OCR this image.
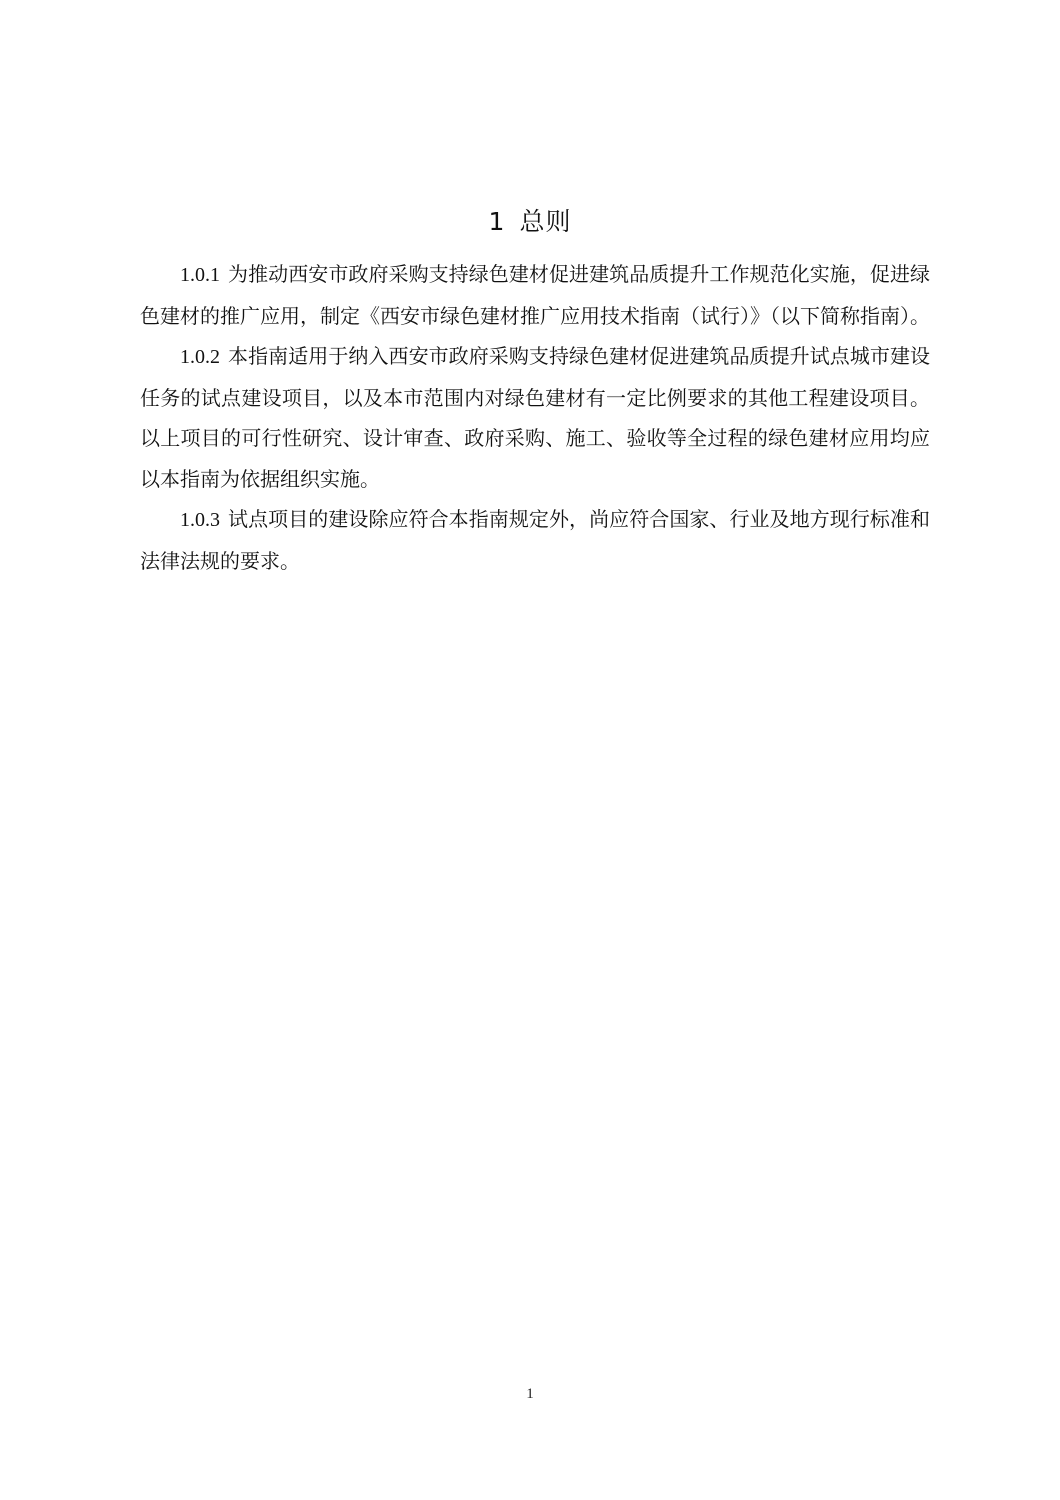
1 总则

1.0.1 为推动西安市政府采购支持绿色建材促进建筑品质提升工作规范化实施，促进绿色建材的推广应用，制定《西安市绿色建材推广应用技术指南（试行）》（以下简称指南）。

1.0.2 本指南适用于纳入西安市政府采购支持绿色建材促进建筑品质提升试点城市建设任务的试点建设项目，以及本市范围内对绿色建材有一定比例要求的其他工程建设项目。以上项目的可行性研究、设计审查、政府采购、施工、验收等全过程的绿色建材应用均应以本指南为依据组织实施。

1.0.3 试点项目的建设除应符合本指南规定外，尚应符合国家、行业及地方现行标准和法律法规的要求。

1
